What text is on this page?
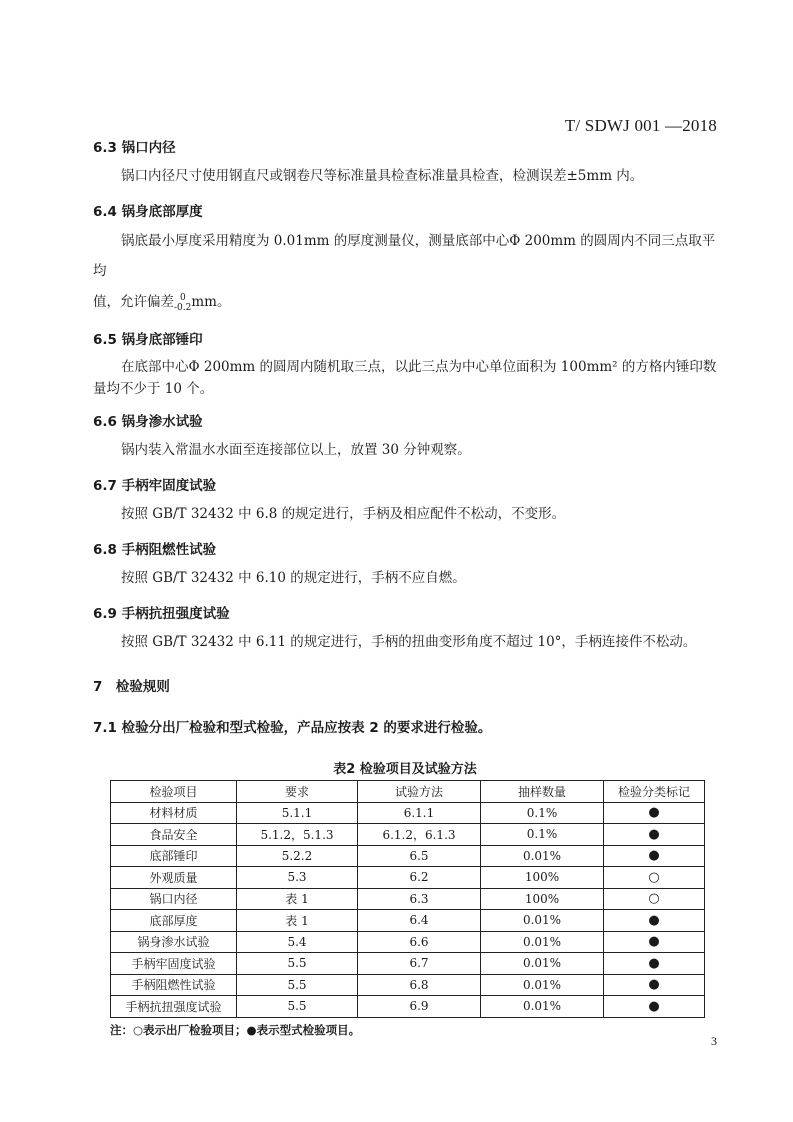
T/ SDWJ 001 —2018

6.3 锅口内径

锅口内径尺寸使用钢直尺或钢卷尺等标准量具检查标准量具检查，检测误差±5mm 内。

6.4 锅身底部厚度

锅底最小厚度采用精度为 0.01mm 的厚度测量仪，测量底部中心Φ 200mm 的圆周内不同三点取平均

值，允许偏差 0
-0.2 mm。

6.5 锅身底部锤印

在底部中心Φ 200mm 的圆周内随机取三点，以此三点为中心单位面积为 100mm² 的方格内锤印数量均不少于 10 个。

6.6 锅身渗水试验

锅内装入常温水水面至连接部位以上，放置 30 分钟观察。

6.7 手柄牢固度试验

按照 GB/T 32432 中 6.8 的规定进行，手柄及相应配件不松动，不变形。

6.8 手柄阻燃性试验

按照 GB/T 32432 中 6.10 的规定进行，手柄不应自燃。

6.9 手柄抗扭强度试验

按照 GB/T 32432 中 6.11 的规定进行，手柄的扭曲变形角度不超过 10°，手柄连接件不松动。

7　检验规则

7.1 检验分出厂检验和型式检验，产品应按表 2 的要求进行检验。

表2 检验项目及试验方法

检验项目	要求	试验方法	抽样数量	检验分类标记
材料材质	5.1.1	6.1.1	0.1%	●
食品安全	5.1.2，5.1.3	6.1.2，6.1.3	0.1%	●
底部锤印	5.2.2	6.5	0.01%	●
外观质量	5.3	6.2	100%	○
锅口内径	表 1	6.3	100%	○
底部厚度	表 1	6.4	0.01%	●
锅身渗水试验	5.4	6.6	0.01%	●
手柄牢固度试验	5.5	6.7	0.01%	●
手柄阻燃性试验	5.5	6.8	0.01%	●
手柄抗扭强度试验	5.5	6.9	0.01%	●

注：○表示出厂检验项目；●表示型式检验项目。

3
